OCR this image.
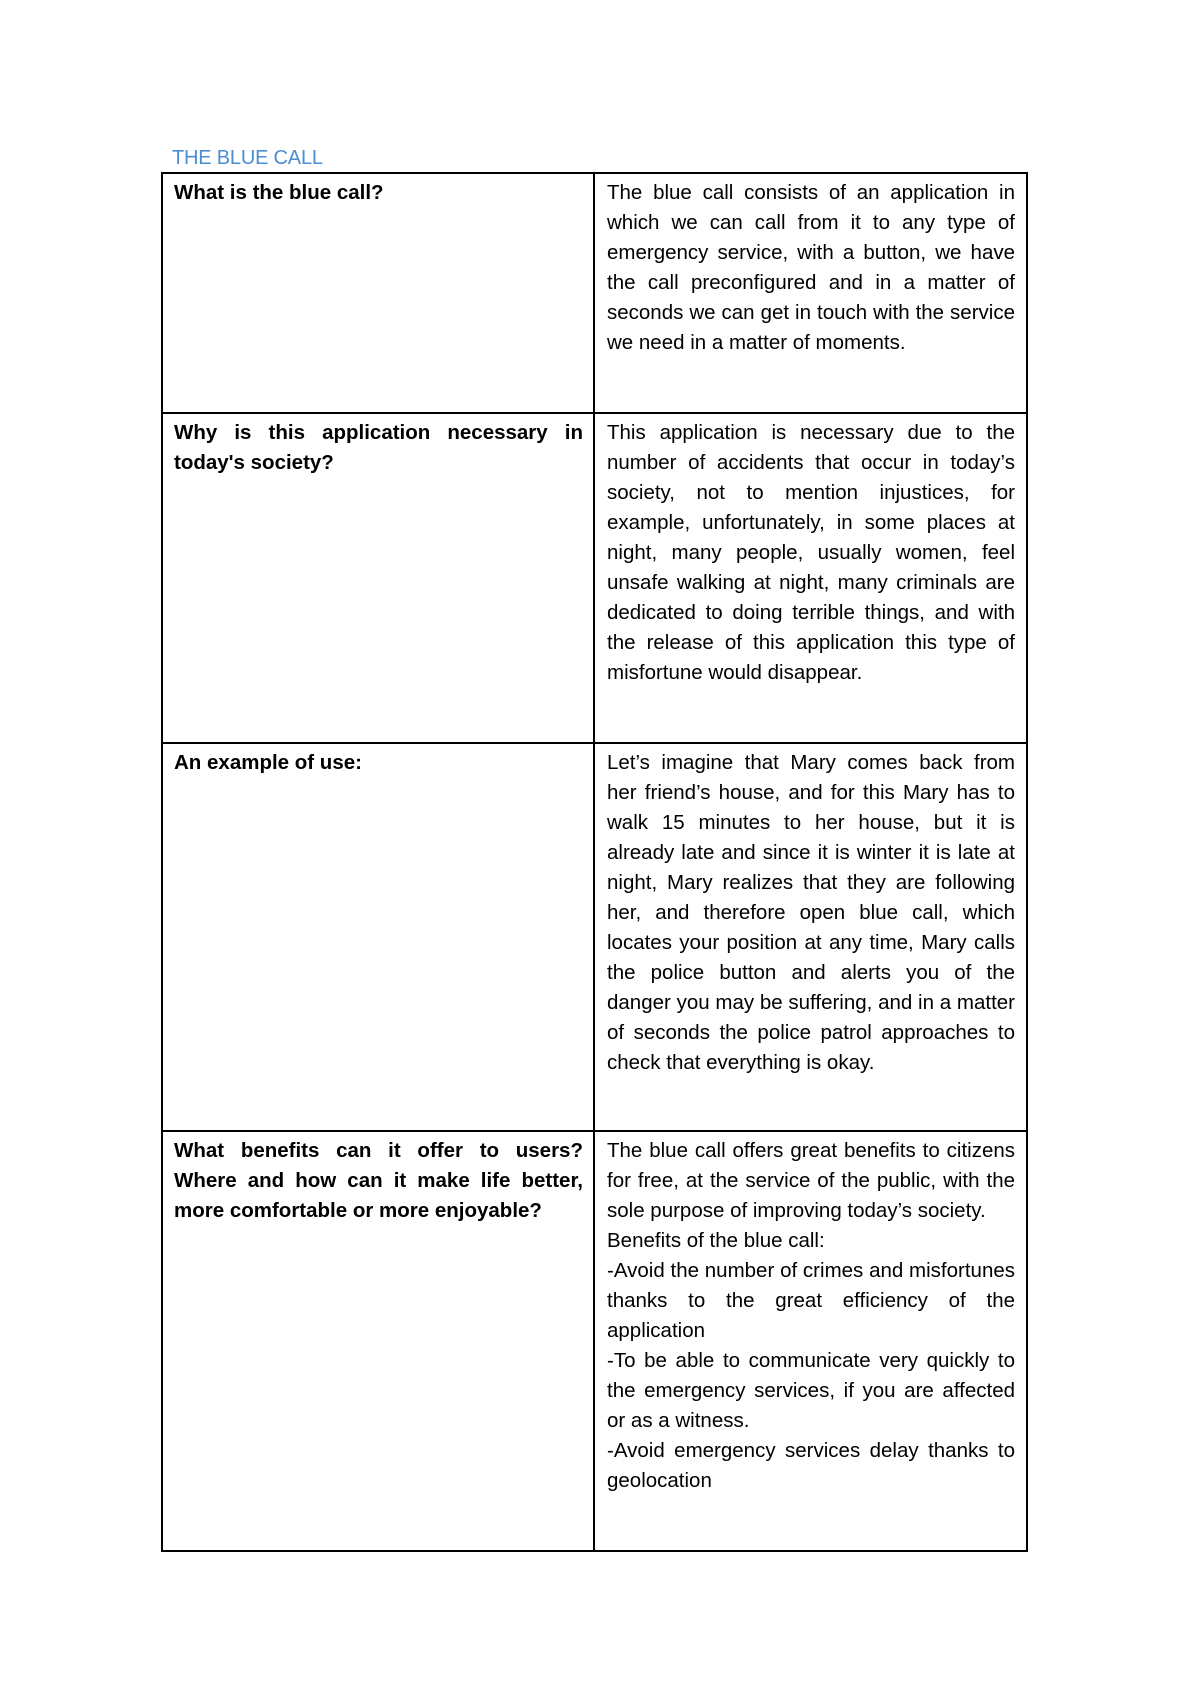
THE BLUE CALL
What is the blue call?	The blue call consists of an application in which we can call from it to any type of emergency service, with a button, we have the call preconfigured and in a matter of seconds we can get in touch with the service we need in a matter of moments.

Why is this application necessary in today's society?	This application is necessary due to the number of accidents that occur in today’s society, not to mention injustices, for example, unfortunately, in some places at night, many people, usually women, feel unsafe walking at night, many criminals are dedicated to doing terrible things, and with the release of this application this type of misfortune would disappear.

An example of use:	Let’s imagine that Mary comes back from her friend’s house, and for this Mary has to walk 15 minutes to her house, but it is already late and since it is winter it is late at night, Mary realizes that they are following her, and therefore open blue call, which locates your position at any time, Mary calls the police button and alerts you of the danger you may be suffering, and in a matter of seconds the police patrol approaches to check that everything is okay.

What benefits can it offer to users? Where and how can it make life better, more comfortable or more enjoyable?	The blue call offers great benefits to citizens for free, at the service of the public, with the sole purpose of improving today’s society.
Benefits of the blue call:
-Avoid the number of crimes and misfortunes thanks to the great efficiency of the application
-To be able to communicate very quickly to the emergency services, if you are affected or as a witness.
-Avoid emergency services delay thanks to geolocation
